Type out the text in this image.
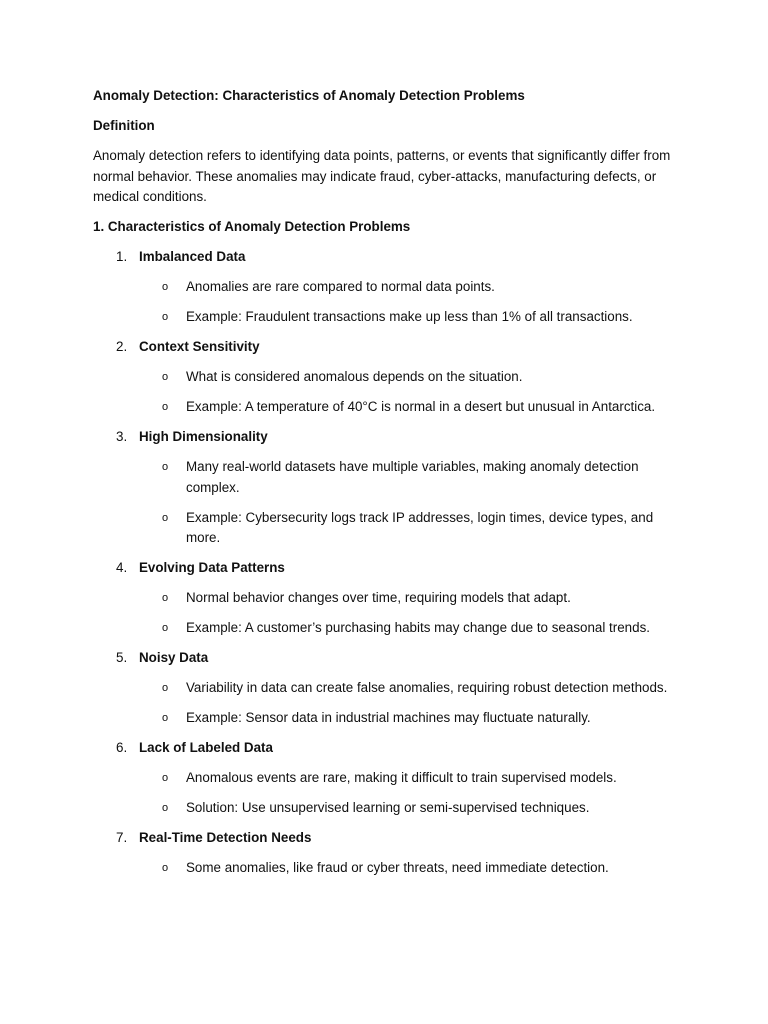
Anomaly Detection: Characteristics of Anomaly Detection Problems

Definition

Anomaly detection refers to identifying data points, patterns, or events that significantly differ from normal behavior. These anomalies may indicate fraud, cyber-attacks, manufacturing defects, or medical conditions.

1. Characteristics of Anomaly Detection Problems

1. Imbalanced Data
o Anomalies are rare compared to normal data points.
o Example: Fraudulent transactions make up less than 1% of all transactions.
2. Context Sensitivity
o What is considered anomalous depends on the situation.
o Example: A temperature of 40°C is normal in a desert but unusual in Antarctica.
3. High Dimensionality
o Many real-world datasets have multiple variables, making anomaly detection complex.
o Example: Cybersecurity logs track IP addresses, login times, device types, and more.
4. Evolving Data Patterns
o Normal behavior changes over time, requiring models that adapt.
o Example: A customer’s purchasing habits may change due to seasonal trends.
5. Noisy Data
o Variability in data can create false anomalies, requiring robust detection methods.
o Example: Sensor data in industrial machines may fluctuate naturally.
6. Lack of Labeled Data
o Anomalous events are rare, making it difficult to train supervised models.
o Solution: Use unsupervised learning or semi-supervised techniques.
7. Real-Time Detection Needs
o Some anomalies, like fraud or cyber threats, need immediate detection.
